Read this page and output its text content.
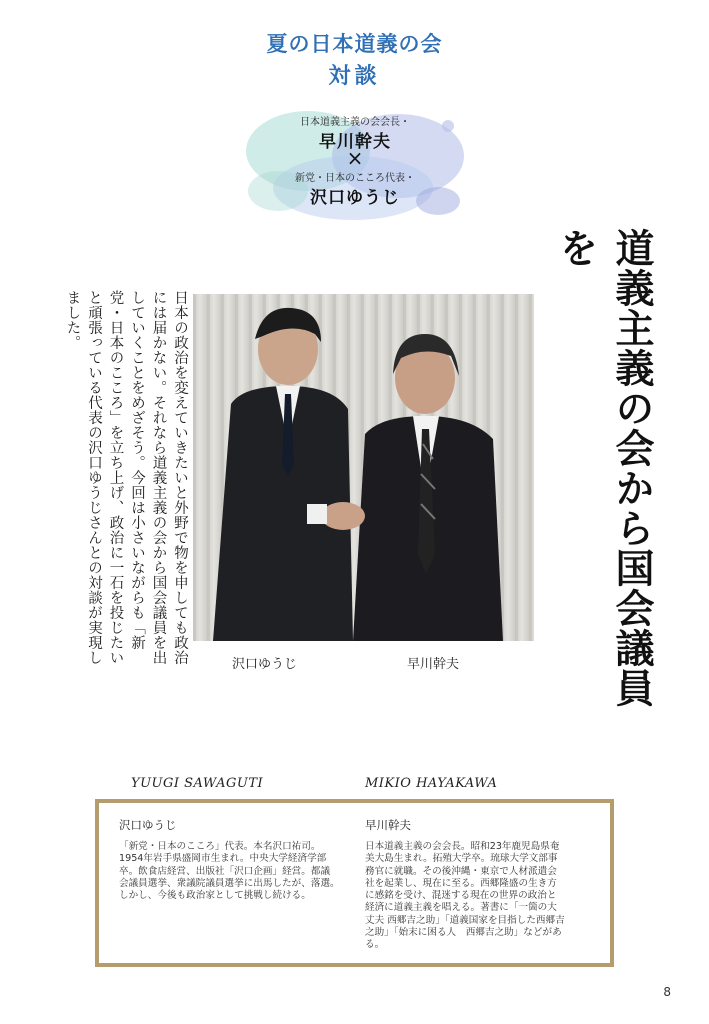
夏の日本道義の会
対談
日本道義主義の会会長・
早川幹夫
×
新党・日本のこころ代表・
沢口ゆうじ
道義主義の会から国会議員を
日本の政治を変えていきたいと外野で物を申しても政治には届かない。それなら道義主義の会から国会議員を出していくことをめざそう。今回は小さいながらも「新党・日本のこころ」を立ち上げ、政治に一石を投じたいと頑張っている代表の沢口ゆうじさんとの対談が実現しました。
沢口ゆうじ	早川幹夫
YUUGI SAWAGUTI	MIKIO HAYAKAWA
沢口ゆうじ
「新党・日本のこころ」代表。本名沢口祐司。
1954年岩手県盛岡市生まれ。中央大学経済学部
卒。飲食店経営、出版社「沢口企画」経営。都議
会議員選挙、衆議院議員選挙に出馬したが、落選。
しかし、今後も政治家として挑戦し続ける。
早川幹夫
日本道義主義の会会長。昭和23年鹿児島県奄
美大島生まれ。拓殖大学卒。琉球大学文部事
務官に就職。その後沖縄・東京で人材派遣会
社を起業し、現在に至る。西郷隆盛の生き方
に感銘を受け、混迷する現在の世界の政治と
経済に道義主義を唱える。著書に「一箇の大
丈夫 西郷吉之助」「道義国家を目指した西郷吉
之助」「始末に困る人　西郷吉之助」などがあ
る。
8
